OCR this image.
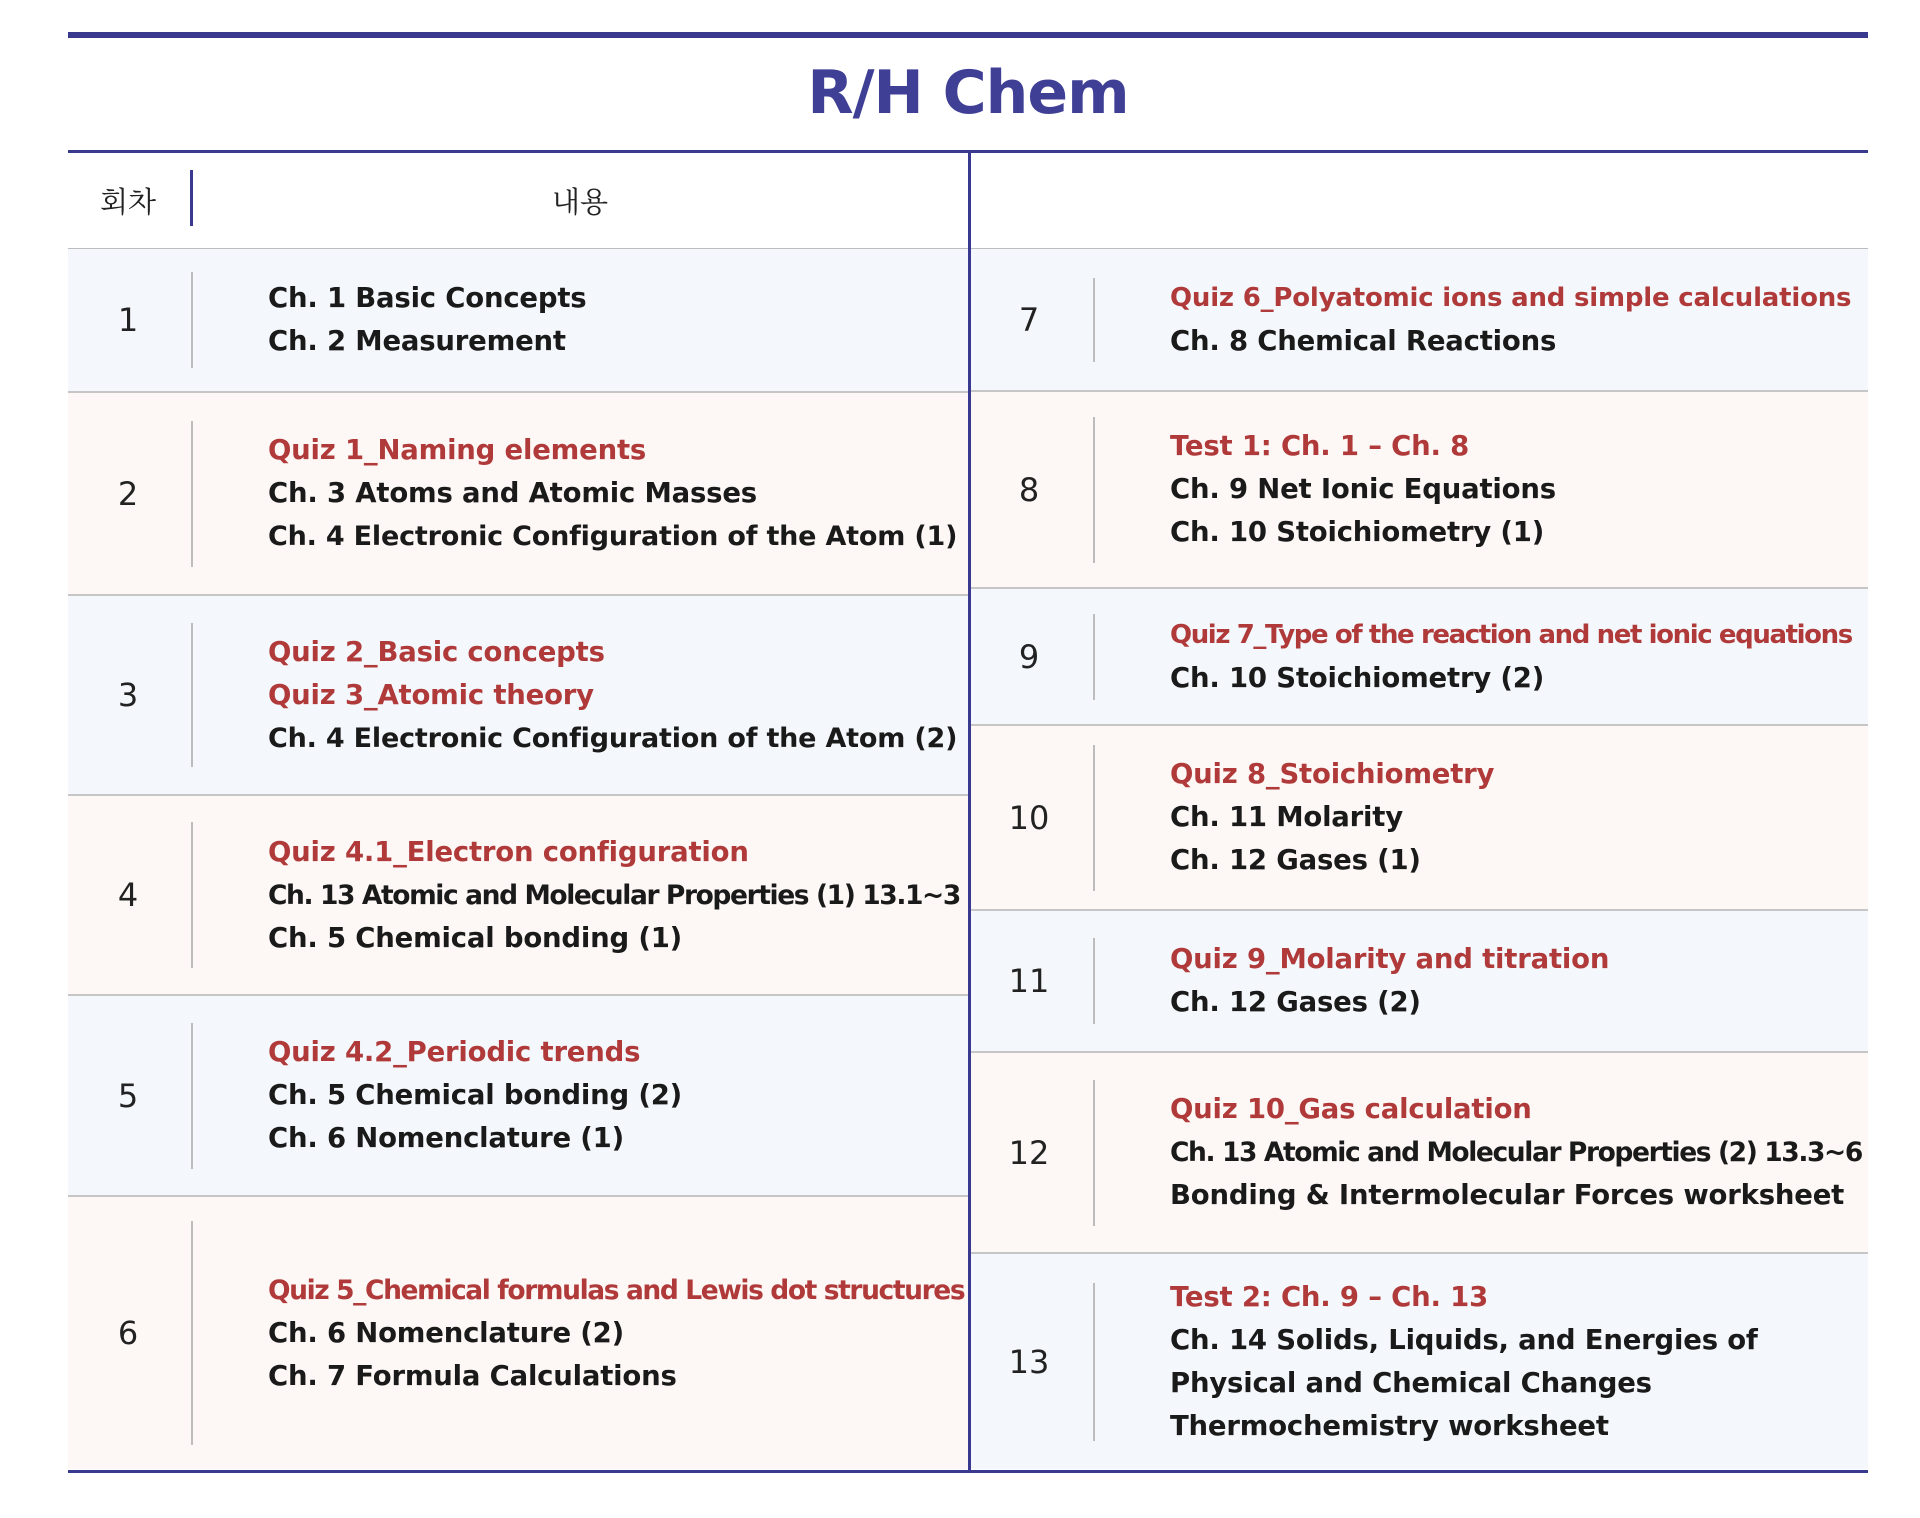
R/H Chem
회차	내용
1
Ch. 1 Basic Concepts
Ch. 2 Measurement
2
Quiz 1_Naming elements
Ch. 3 Atoms and Atomic Masses
Ch. 4 Electronic Configuration of the Atom (1)
3
Quiz 2_Basic concepts
Quiz 3_Atomic theory
Ch. 4 Electronic Configuration of the Atom (2)
4
Quiz 4.1_Electron configuration
Ch. 13 Atomic and Molecular Properties (1) 13.1~3
Ch. 5 Chemical bonding (1)
5
Quiz 4.2_Periodic trends
Ch. 5 Chemical bonding (2)
Ch. 6 Nomenclature (1)
6
Quiz 5_Chemical formulas and Lewis dot structures
Ch. 6 Nomenclature (2)
Ch. 7 Formula Calculations
7
Quiz 6_Polyatomic ions and simple calculations
Ch. 8 Chemical Reactions
8
Test 1: Ch. 1 – Ch. 8
Ch. 9 Net Ionic Equations
Ch. 10 Stoichiometry (1)
9
Quiz 7_Type of the reaction and net ionic equations
Ch. 10 Stoichiometry (2)
10
Quiz 8_Stoichiometry
Ch. 11 Molarity
Ch. 12 Gases (1)
11
Quiz 9_Molarity and titration
Ch. 12 Gases (2)
12
Quiz 10_Gas calculation
Ch. 13 Atomic and Molecular Properties (2) 13.3~6
Bonding & Intermolecular Forces worksheet
13
Test 2: Ch. 9 – Ch. 13
Ch. 14 Solids, Liquids, and Energies of
Physical and Chemical Changes
Thermochemistry worksheet
